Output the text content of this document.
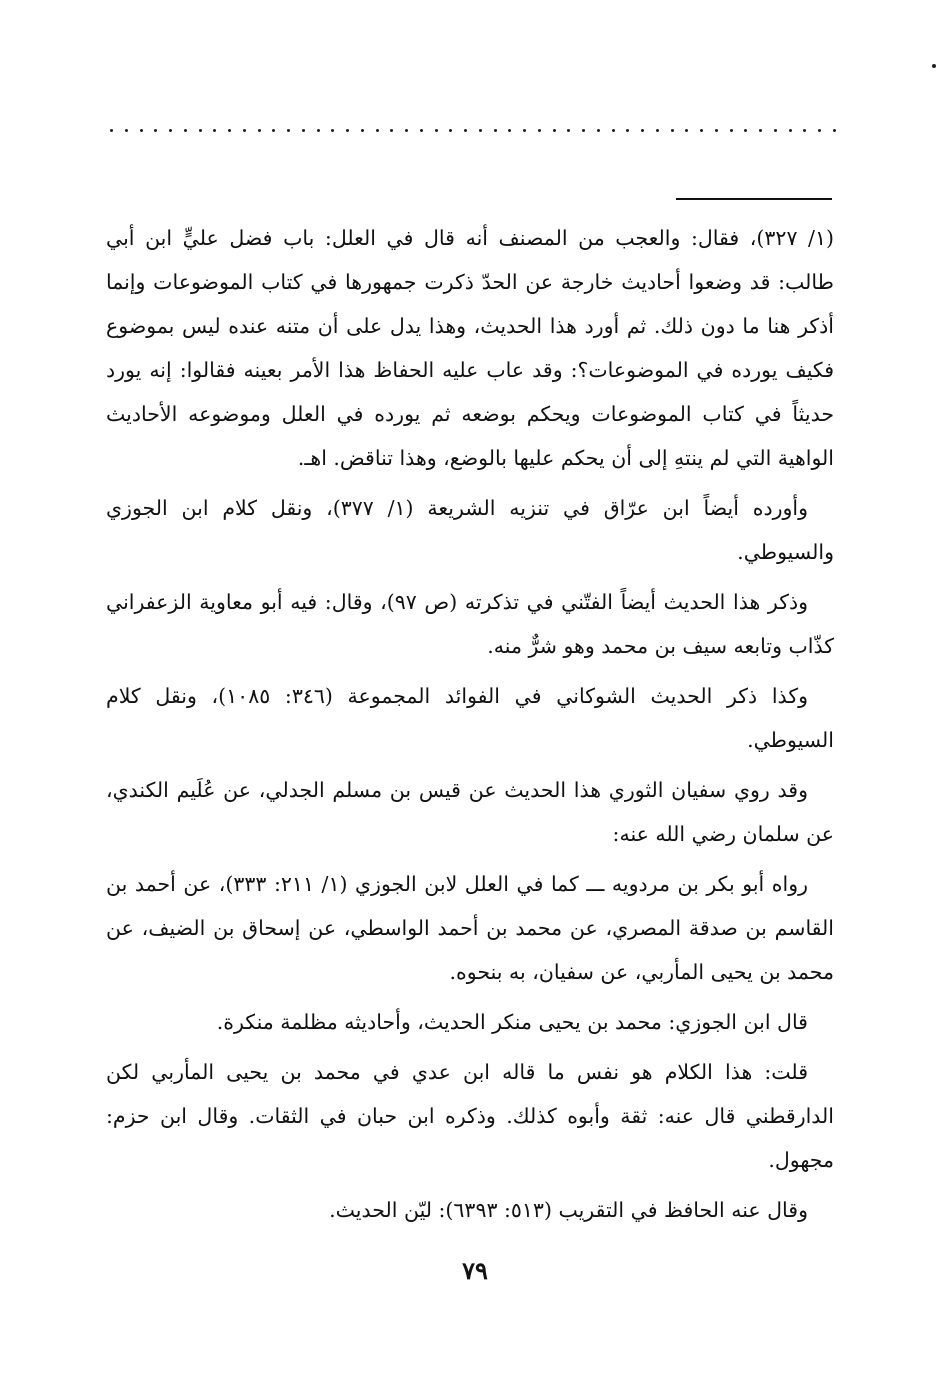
(١/ ٣٢٧)، فقال: والعجب من المصنف أنه قال في العلل: باب فضل عليٍّ ابن أبي طالب: قد وضعوا أحاديث خارجة عن الحدّ ذكرت جمهورها في كتاب الموضوعات وإنما أذكر هنا ما دون ذلك. ثم أورد هذا الحديث، وهذا يدل على أن متنه عنده ليس بموضوع فكيف يورده في الموضوعات؟: وقد عاب عليه الحفاظ هذا الأمر بعينه فقالوا: إنه يورد حديثاً في كتاب الموضوعات ويحكم بوضعه ثم يورده في العلل وموضوعه الأحاديث الواهية التي لم ينتهِ إلى أن يحكم عليها بالوضع، وهذا تناقض. اهـ.

وأورده أيضاً ابن عرّاق في تنزيه الشريعة (١/ ٣٧٧)، ونقل كلام ابن الجوزي والسيوطي.

وذكر هذا الحديث أيضاً الفتّني في تذكرته (ص ٩٧)، وقال: فيه أبو معاوية الزعفراني كذّاب وتابعه سيف بن محمد وهو شرٌّ منه.

وكذا ذكر الحديث الشوكاني في الفوائد المجموعة (٣٤٦: ١٠٨٥)، ونقل كلام السيوطي.

وقد روي سفيان الثوري هذا الحديث عن قيس بن مسلم الجدلي، عن عُلَيم الكندي، عن سلمان رضي الله عنه:

رواه أبو بكر بن مردويه ـــ كما في العلل لابن الجوزي (١/ ٢١١: ٣٣٣)، عن أحمد بن القاسم بن صدقة المصري، عن محمد بن أحمد الواسطي، عن إسحاق بن الضيف، عن محمد بن يحيى المأربي، عن سفيان، به بنحوه.

قال ابن الجوزي: محمد بن يحيى منكر الحديث، وأحاديثه مظلمة منكرة.

قلت: هذا الكلام هو نفس ما قاله ابن عدي في محمد بن يحيى المأربي لكن الدارقطني قال عنه: ثقة وأبوه كذلك. وذكره ابن حبان في الثقات. وقال ابن حزم: مجهول.

وقال عنه الحافظ في التقريب (٥١٣: ٦٣٩٣): ليّن الحديث.

٧٩
